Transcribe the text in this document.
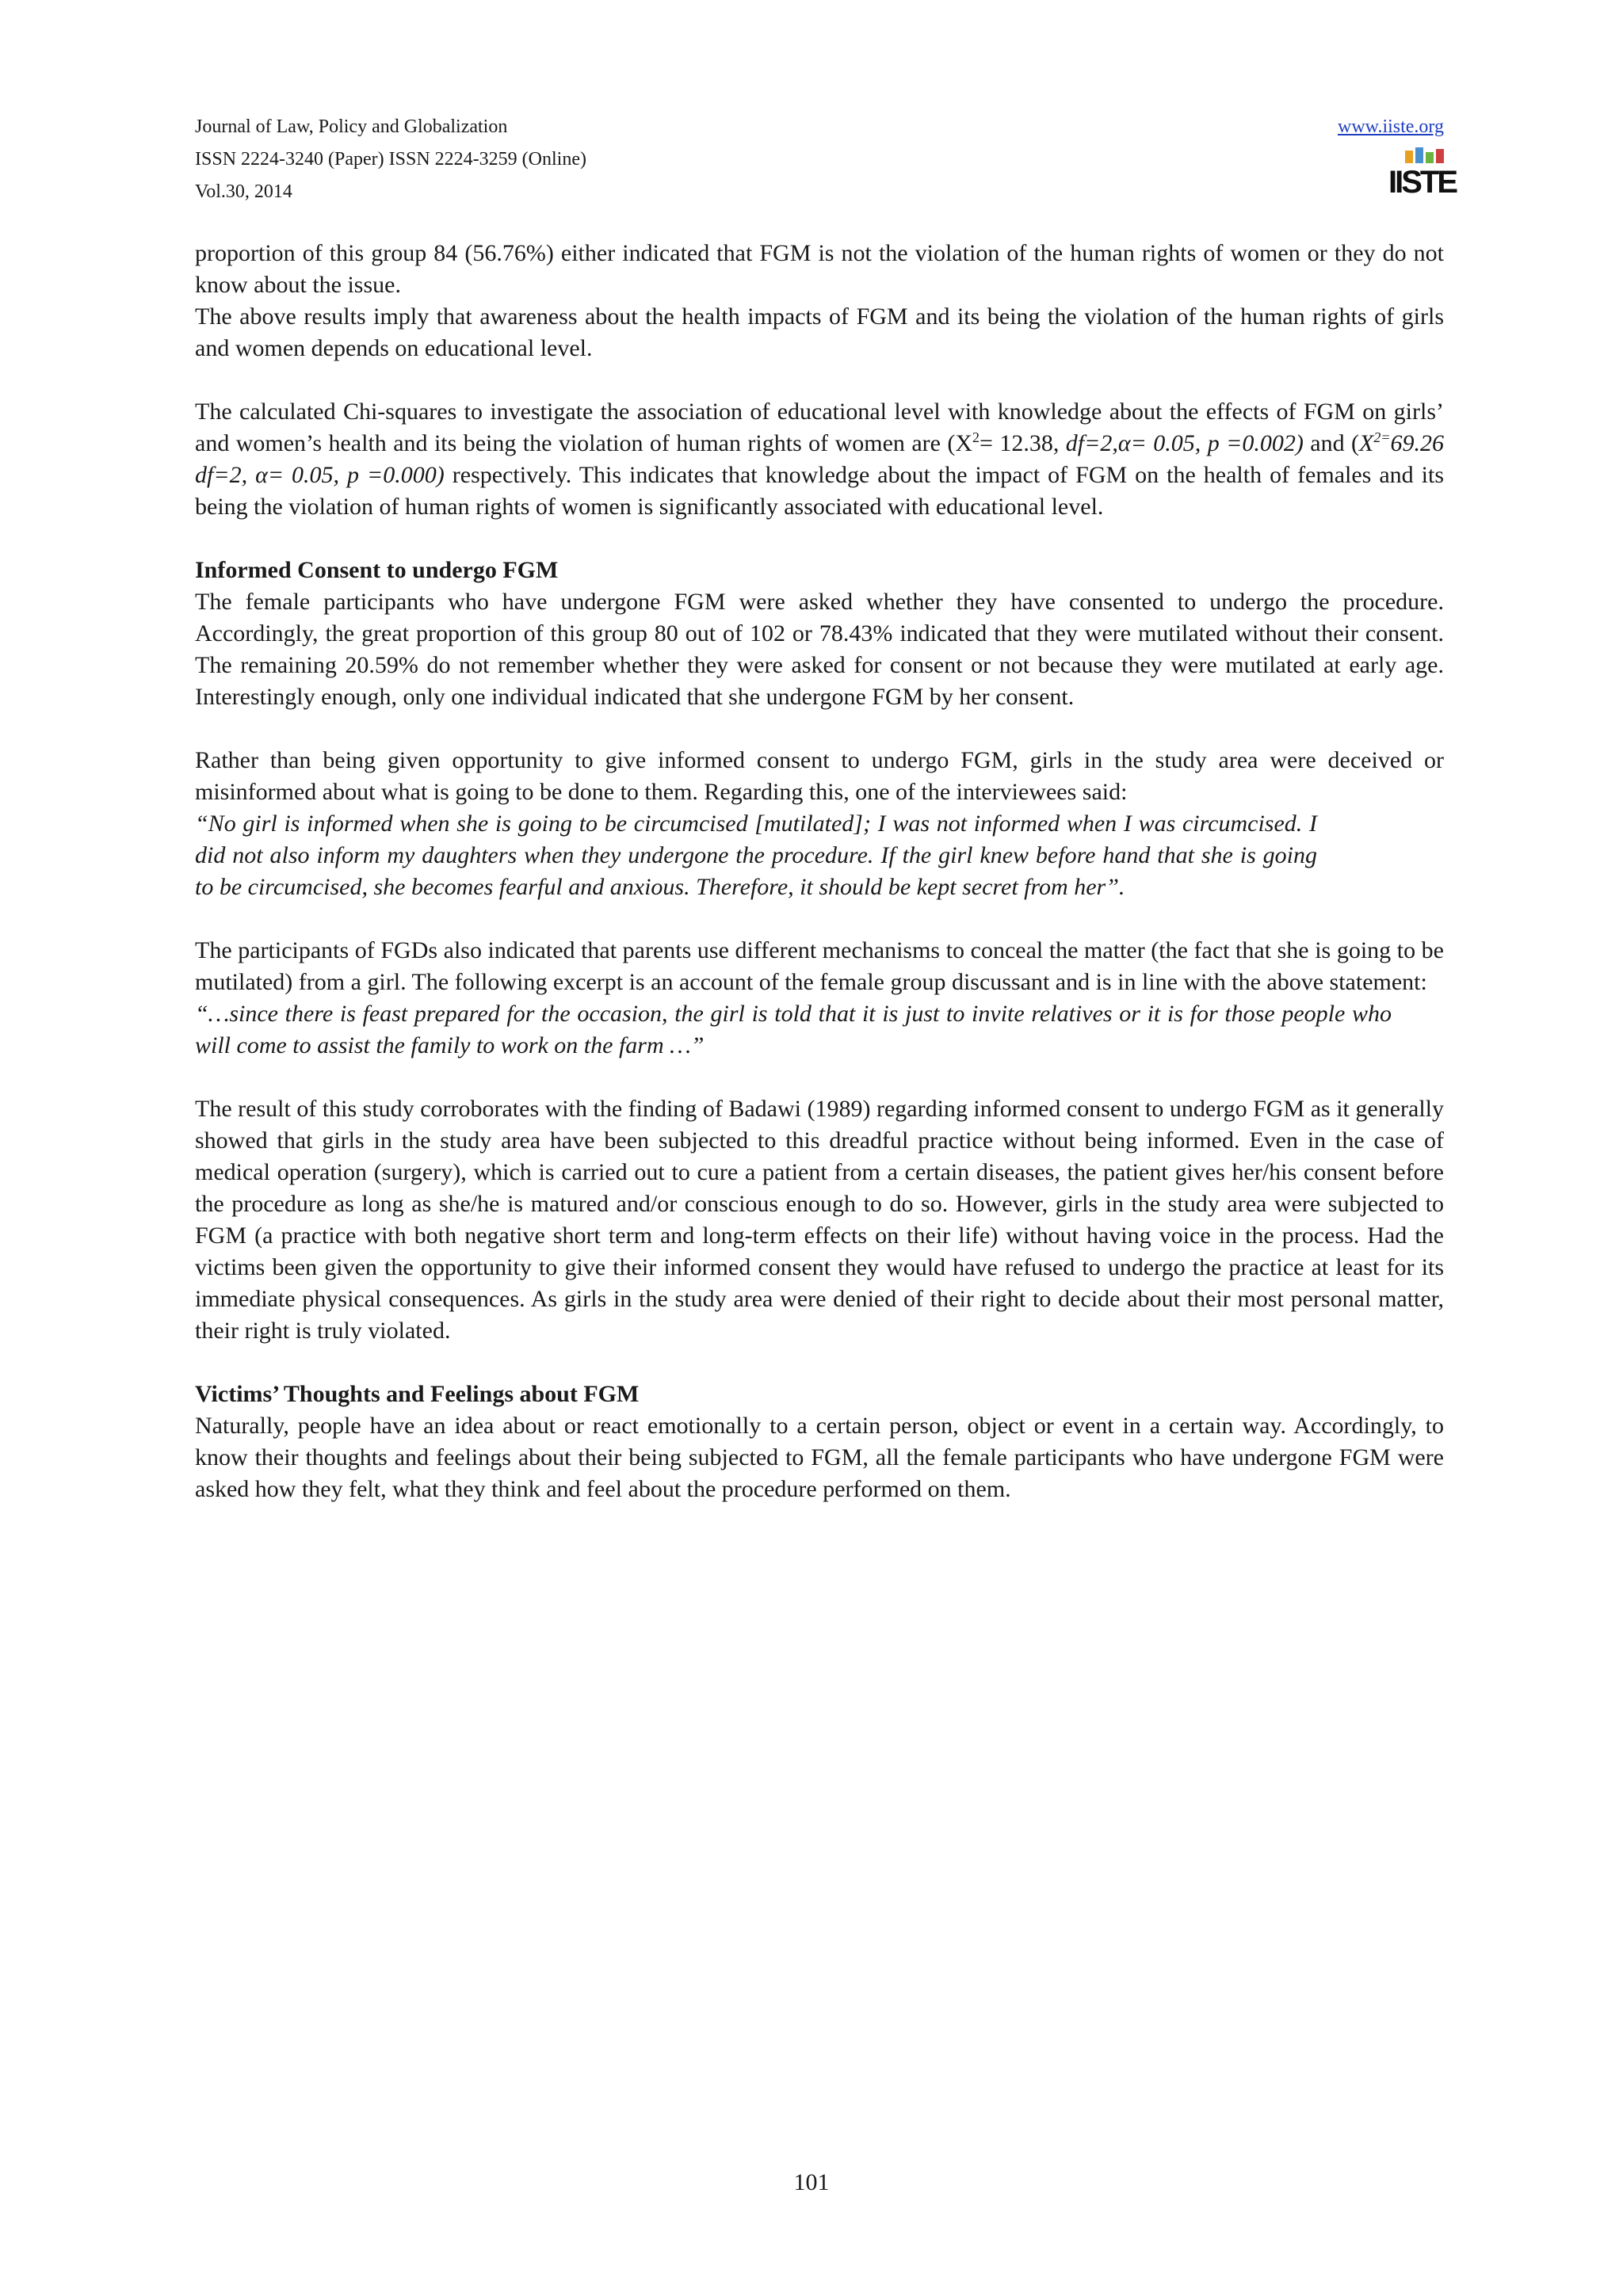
Journal of Law, Policy and Globalization
ISSN 2224-3240 (Paper) ISSN 2224-3259 (Online)
Vol.30, 2014
www.iiste.org
IISTE

proportion of this group 84 (56.76%) either indicated that FGM is not the violation of the human rights of women or they do not know about the issue.

The above results imply that awareness about the health impacts of FGM and its being the violation of the human rights of girls and women depends on educational level.

The calculated Chi-squares to investigate the association of educational level with knowledge about the effects of FGM on girls’ and women’s health and its being the violation of human rights of women are ($X^2= 12.38$, df=2,α= 0.05, p =0.002) and ($X^{2=}69.26$ df=2, α= 0.05, p =0.000) respectively. This indicates that knowledge about the impact of FGM on the health of females and its being the violation of human rights of women is significantly associated with educational level.

Informed Consent to undergo FGM

The female participants who have undergone FGM were asked whether they have consented to undergo the procedure. Accordingly, the great proportion of this group 80 out of 102 or 78.43% indicated that they were mutilated without their consent. The remaining 20.59% do not remember whether they were asked for consent or not because they were mutilated at early age. Interestingly enough, only one individual indicated that she undergone FGM by her consent.

Rather than being given opportunity to give informed consent to undergo FGM, girls in the study area were deceived or misinformed about what is going to be done to them. Regarding this, one of the interviewees said:

“No girl is informed when she is going to be circumcised [mutilated]; I was not informed when I was circumcised. I did not also inform my daughters when they undergone the procedure. If the girl knew before hand that she is going to be circumcised, she becomes fearful and anxious. Therefore, it should be kept secret from her”.

The participants of FGDs also indicated that parents use different mechanisms to conceal the matter (the fact that she is going to be mutilated) from a girl. The following excerpt is an account of the female group discussant and is in line with the above statement:

“…since there is feast prepared for the occasion, the girl is told that it is just to invite relatives or it is for those people who will come to assist the family to work on the farm …”

The result of this study corroborates with the finding of Badawi (1989) regarding informed consent to undergo FGM as it generally showed that girls in the study area have been subjected to this dreadful practice without being informed. Even in the case of medical operation (surgery), which is carried out to cure a patient from a certain diseases, the patient gives her/his consent before the procedure as long as she/he is matured and/or conscious enough to do so. However, girls in the study area were subjected to FGM (a practice with both negative short term and long-term effects on their life) without having voice in the process. Had the victims been given the opportunity to give their informed consent they would have refused to undergo the practice at least for its immediate physical consequences. As girls in the study area were denied of their right to decide about their most personal matter, their right is truly violated.

Victims’ Thoughts and Feelings about FGM

Naturally, people have an idea about or react emotionally to a certain person, object or event in a certain way. Accordingly, to know their thoughts and feelings about their being subjected to FGM, all the female participants who have undergone FGM were asked how they felt, what they think and feel about the procedure performed on them.

101
